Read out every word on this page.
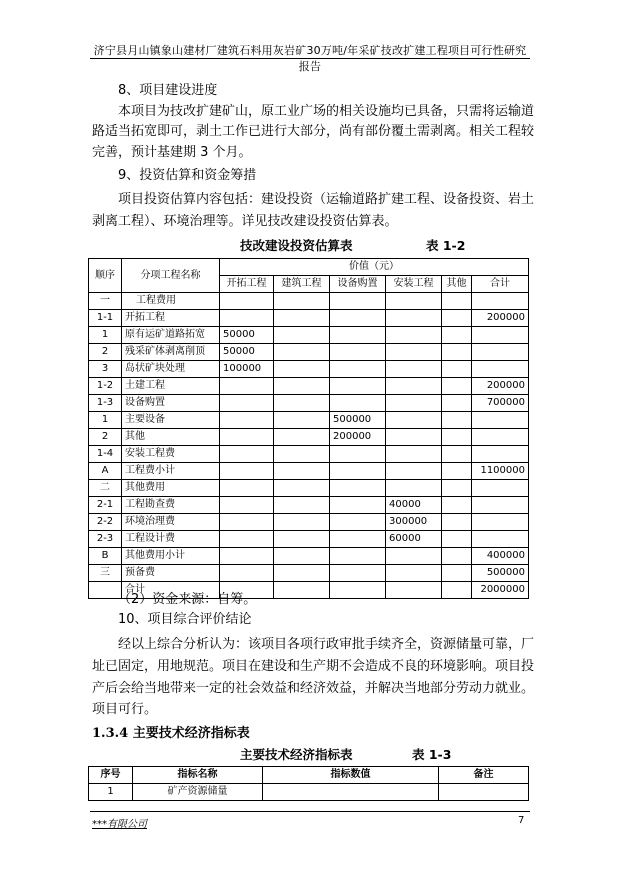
济宁县月山镇象山建材厂建筑石料用灰岩矿30万吨/年采矿技改扩建工程项目可行性研究报告
8、项目建设进度
本项目为技改扩建矿山，原工业广场的相关设施均已具备，只需将运输道
路适当拓宽即可，剥土工作已进行大部分，尚有部份覆土需剥离。相关工程较
完善，预计基建期 3 个月。
9、投资估算和资金筹措
项目投资估算内容包括：建设投资（运输道路扩建工程、设备投资、岩土
剥离工程）、环境治理等。详见技改建设投资估算表。
技改建设投资估算表	表 1-2
顺序	分项工程名称	价值（元）					
		开拓工程	建筑工程	设备购置	安装工程	其他	合计
一	工程费用						
1-1	开拓工程						200000
1	原有运矿道路拓宽	50000					
2	残采矿体剥离削顶	50000					
3	岛状矿块处理	100000					
1-2	土建工程						200000
1-3	设备购置						700000
1	主要设备			500000			
2	其他			200000			
1-4	安装工程费						
A	工程费小计						1100000
二	其他费用						
2-1	工程勘查费				40000		
2-2	环境治理费				300000		
2-3	工程设计费				60000		
B	其他费用小计						400000
三	预备费						500000
	合计						2000000
（2）资金来源：自筹。
10、项目综合评价结论
经以上综合分析认为：该项目各项行政审批手续齐全，资源储量可靠，厂
址已固定，用地规范。项目在建设和生产期不会造成不良的环境影响。项目投
产后会给当地带来一定的社会效益和经济效益，并解决当地部分劳动力就业。
项目可行。
1.3.4 主要技术经济指标表
主要技术经济指标表	表 1-3
序号	指标名称	指标数值	备注
1	矿产资源储量		
***有限公司	7
